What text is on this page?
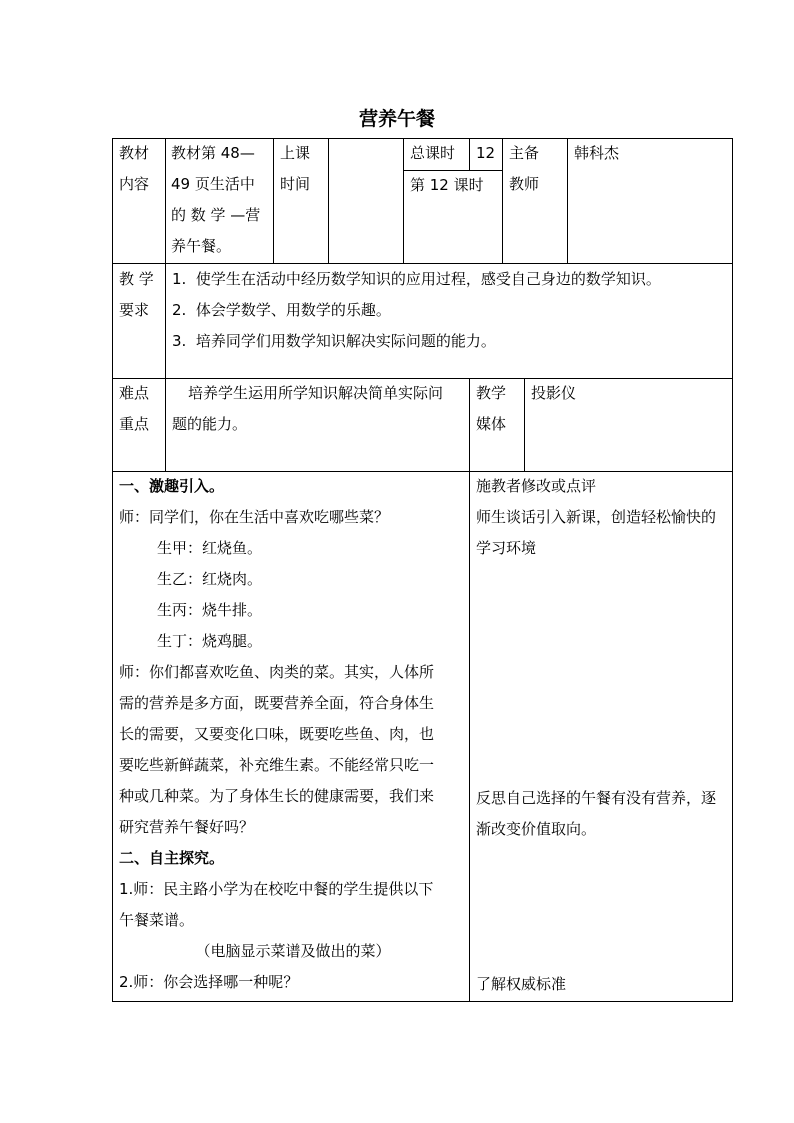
营养午餐
教材
内容
教材第 48—
49 页生活中
的 数 学 —营
养午餐。
上课
时间
总课时	12
第 12 课时
主备
教师
韩科杰
教 学
要求
1.  使学生在活动中经历数学知识的应用过程，感受自己身边的数学知识。
2.  体会学数学、用数学的乐趣。
3.  培养同学们用数学知识解决实际问题的能力。
难点
重点
培养学生运用所学知识解决简单实际问
题的能力。
教学
媒体
投影仪
一、激趣引入。
师：同学们，你在生活中喜欢吃哪些菜？
生甲：红烧鱼。
生乙：红烧肉。
生丙：烧牛排。
生丁：烧鸡腿。
师：你们都喜欢吃鱼、肉类的菜。其实，人体所
需的营养是多方面，既要营养全面，符合身体生
长的需要，又要变化口味，既要吃些鱼、肉，也
要吃些新鲜蔬菜，补充维生素。不能经常只吃一
种或几种菜。为了身体生长的健康需要，我们来
研究营养午餐好吗？
二、自主探究。
1.师：民主路小学为在校吃中餐的学生提供以下
午餐菜谱。
（电脑显示菜谱及做出的菜）
2.师：你会选择哪一种呢？
施教者修改或点评
师生谈话引入新课，创造轻松愉快的
学习环境
反思自己选择的午餐有没有营养，逐
渐改变价值取向。
了解权威标准
